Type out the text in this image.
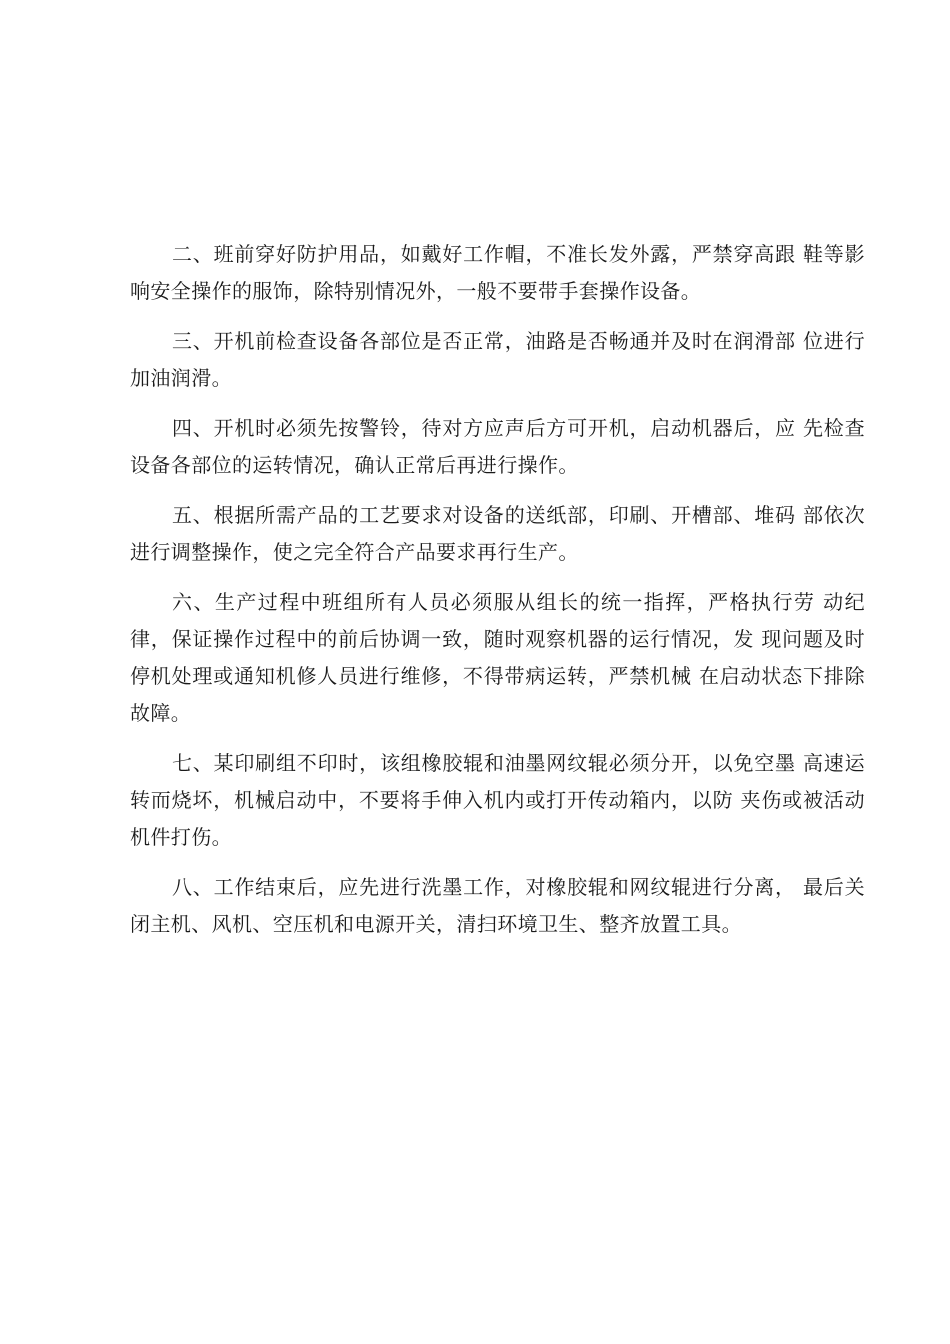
二、班前穿好防护用品，如戴好工作帽，不准长发外露，严禁穿高跟 鞋等影响安全操作的服饰，除特别情况外，一般不要带手套操作设备。

三、开机前检查设备各部位是否正常，油路是否畅通并及时在润滑部 位进行加油润滑。

四、开机时必须先按警铃，待对方应声后方可开机，启动机器后，应 先检查设备各部位的运转情况，确认正常后再进行操作。

五、根据所需产品的工艺要求对设备的送纸部，印刷、开槽部、堆码 部依次进行调整操作，使之完全符合产品要求再行生产。

六、生产过程中班组所有人员必须服从组长的统一指挥，严格执行劳 动纪律，保证操作过程中的前后协调一致，随时观察机器的运行情况，发 现问题及时停机处理或通知机修人员进行维修，不得带病运转，严禁机械 在启动状态下排除故障。

七、某印刷组不印时，该组橡胶辊和油墨网纹辊必须分开，以免空墨 高速运转而烧坏，机械启动中，不要将手伸入机内或打开传动箱内，以防 夹伤或被活动机件打伤。

八、工作结束后，应先进行洗墨工作，对橡胶辊和网纹辊进行分离， 最后关闭主机、风机、空压机和电源开关，清扫环境卫生、整齐放置工具。
